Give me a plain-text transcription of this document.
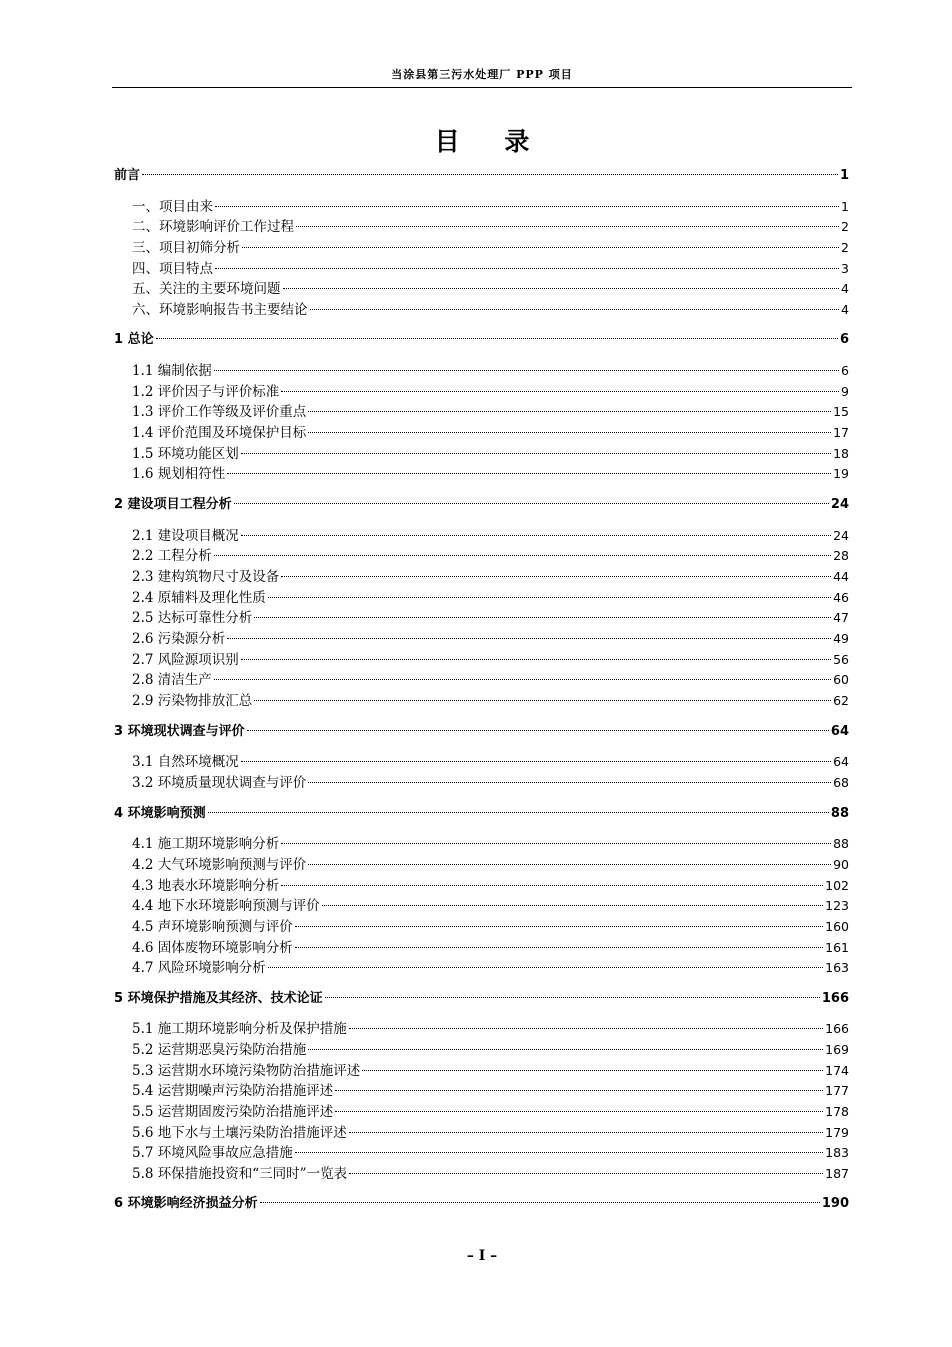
当涂县第三污水处理厂 PPP 项目
目 录
前言	1
一、项目由来	1
二、环境影响评价工作过程	2
三、项目初筛分析	2
四、项目特点	3
五、关注的主要环境问题	4
六、环境影响报告书主要结论	4
1 总论	6
1.1 编制依据	6
1.2 评价因子与评价标准	9
1.3 评价工作等级及评价重点	15
1.4 评价范围及环境保护目标	17
1.5 环境功能区划	18
1.6 规划相符性	19
2 建设项目工程分析	24
2.1 建设项目概况	24
2.2 工程分析	28
2.3 建构筑物尺寸及设备	44
2.4 原辅料及理化性质	46
2.5 达标可靠性分析	47
2.6 污染源分析	49
2.7 风险源项识别	56
2.8 清洁生产	60
2.9 污染物排放汇总	62
3 环境现状调查与评价	64
3.1 自然环境概况	64
3.2 环境质量现状调查与评价	68
4 环境影响预测	88
4.1 施工期环境影响分析	88
4.2 大气环境影响预测与评价	90
4.3 地表水环境影响分析	102
4.4 地下水环境影响预测与评价	123
4.5 声环境影响预测与评价	160
4.6 固体废物环境影响分析	161
4.7 风险环境影响分析	163
5 环境保护措施及其经济、技术论证	166
5.1 施工期环境影响分析及保护措施	166
5.2 运营期恶臭污染防治措施	169
5.3 运营期水环境污染物防治措施评述	174
5.4 运营期噪声污染防治措施评述	177
5.5 运营期固废污染防治措施评述	178
5.6 地下水与土壤污染防治措施评述	179
5.7 环境风险事故应急措施	183
5.8 环保措施投资和“三同时”一览表	187
6 环境影响经济损益分析	190
– I –
